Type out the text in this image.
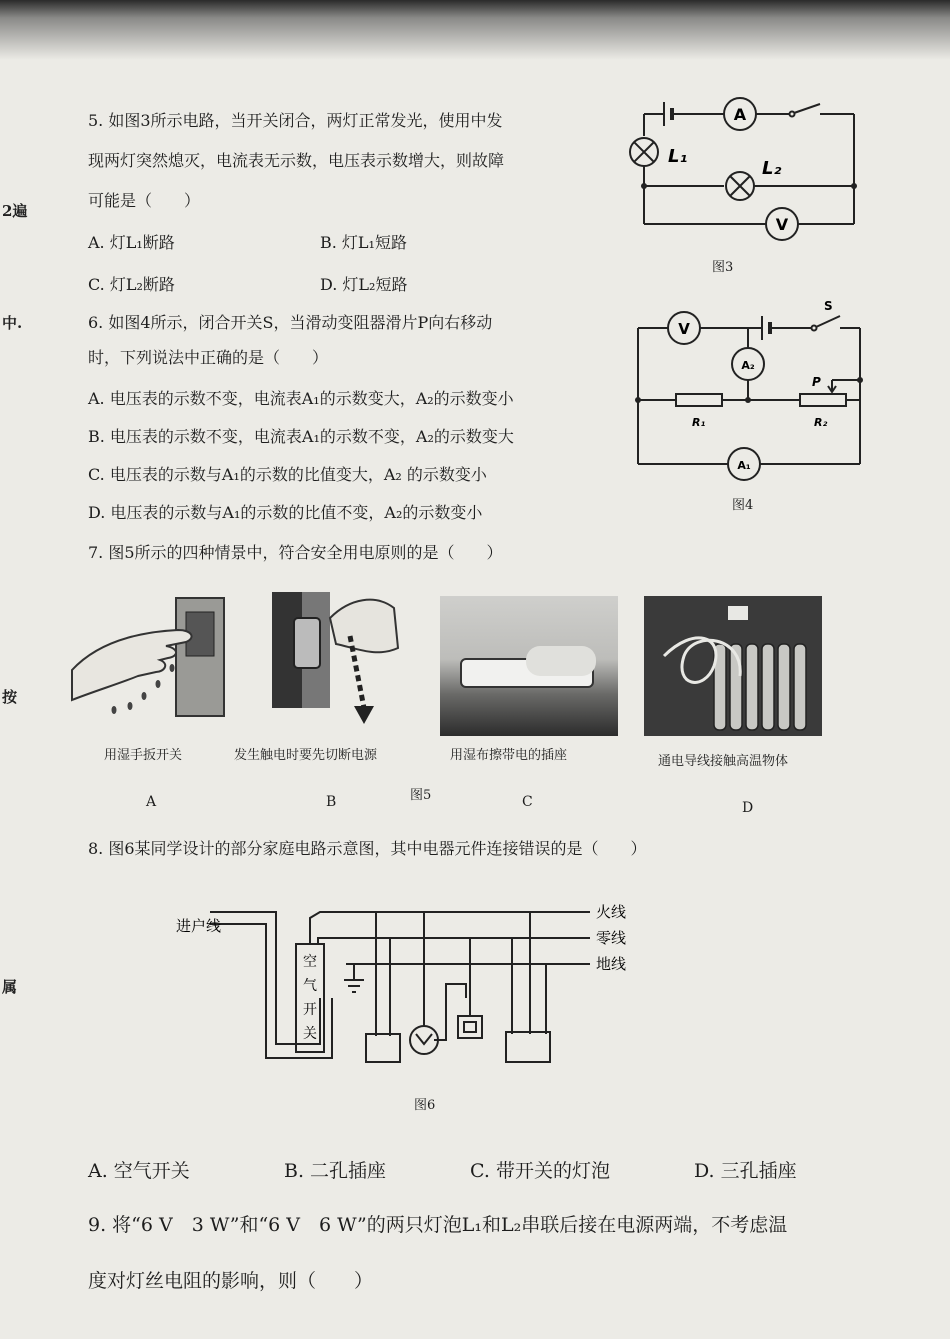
2遍
中.
按
属
5. 如图3所示电路，当开关闭合，两灯正常发光，使用中发
现两灯突然熄灭，电流表无示数，电压表示数增大，则故障
可能是（　　）
A. 灯L₁断路	B. 灯L₁短路
C. 灯L₂断路	D. 灯L₂短路
A
V
L₁
L₂
图3
6. 如图4所示，闭合开关S，当滑动变阻器滑片P向右移动
时，下列说法中正确的是（　　）
A. 电压表的示数不变，电流表A₁的示数变大，A₂的示数变小
B. 电压表的示数不变，电流表A₁的示数不变，A₂的示数变大
C. 电压表的示数与A₁的示数的比值变大，A₂ 的示数变小
D. 电压表的示数与A₁的示数的比值不变，A₂的示数变小
V
A₂
A₁
S
P
R₁	R₂
图4
7. 图5所示的四种情景中，符合安全用电原则的是（　　）
用湿手扳开关
A
发生触电时要先切断电源
B
用湿布擦带电的插座
C
通电导线接触高温物体
D
图5
8. 图6某同学设计的部分家庭电路示意图，其中电器元件连接错误的是（　　）
进户线
火线
零线
地线
空
气
开
关
图6
A. 空气开关	B. 二孔插座	C. 带开关的灯泡	D. 三孔插座
9. 将“6 V　3 W”和“6 V　6 W”的两只灯泡L₁和L₂串联后接在电源两端，不考虑温
度对灯丝电阻的影响，则（　　）
